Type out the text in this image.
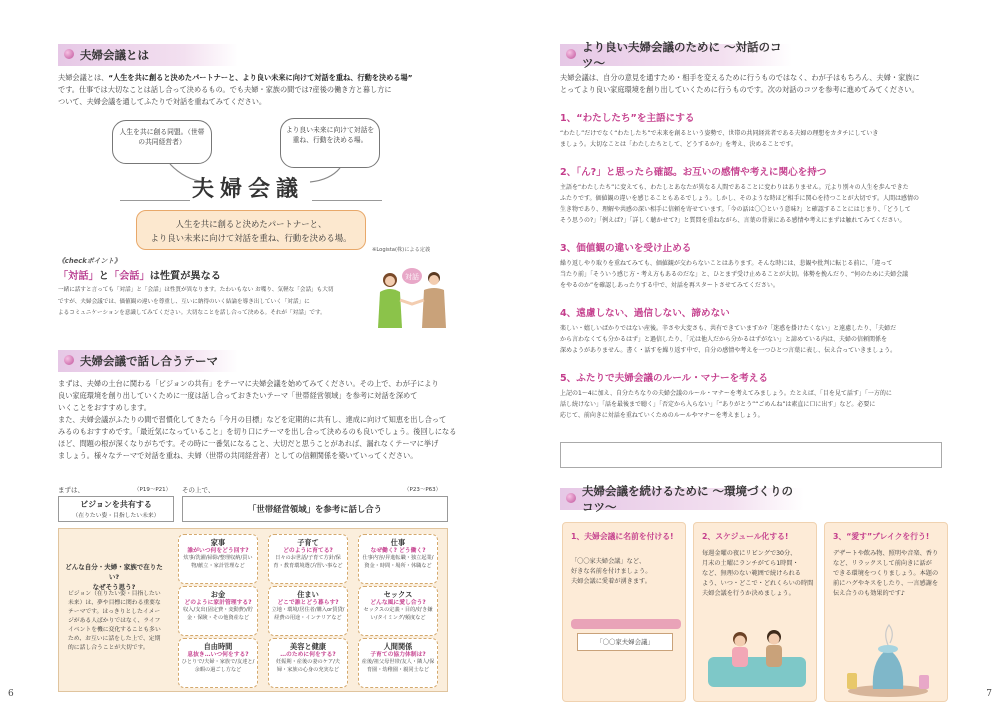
夫婦会議とは
夫婦会議とは、“人生を共に創ると決めたパートナーと、より良い未来に向けて対話を重ね、行動を決める場”
です。仕事では大切なことは話し合って決めるもの。でも夫婦・家族の間では?産後の働き方と暮し方に
ついて、夫婦会議を通してふたりで対話を重ねてみてください。
人生を共に創る同盟。（世帯の共同経営者）
より良い未来に向けて対話を重ね、行動を決める場。
夫婦会議
人生を共に創ると決めたパートナーと、
より良い未来に向けて対話を重ね、行動を決める場。
※Logista(株)による定義
《checkポイント》
「対話」と「会話」は性質が異なる
一緒に話すと言っても「対話」と「会話」は性質が異なります。たわいもない お喋り、気軽な「会話」も大切
ですが、夫婦会議では、価値観の違いを尊重し、互いに納得のいく結論を導き出していく「対話」に
よるコミュニケーションを意識してみてください。大切なことを話し合って決める。それが「対話」です。
対話
夫婦会議で話し合うテーマ
まずは、夫婦の土台に関わる「ビジョンの共有」をテーマに夫婦会議を始めてみてください。その上で、わが子により
良い家庭環境を創り出していくために一度は話し合っておきたいテーマ「世帯経営領域」を参考に対話を深めて
いくことをおすすめします。
また、夫婦会議がふたりの間で習慣化してきたら「今月の目標」などを定期的に共有し、達成に向けて知恵を出し合って
みるのもおすすめです。「最近気になっていること」を切り口にテーマを出し合って決めるのも良いでしょう。後回しになる
ほど、問題の根が深くなりがちです。その時に一番気になること、大切だと思うことがあれば、漏れなくテーマに挙げ
ましょう。様々なテーマで対話を重ね、夫婦（世帯の共同経営者）としての信頼関係を築いていってください。
まずは、	（P19〜P21）
ビジョンを共有する
（在りたい姿・目指したい未来）
その上で、	（P23〜P63）
「世帯経営領域」を参考に話し合う
どんな自分・夫婦・家族で在りたい?
なぜそう思う?
ビジョン（在りたい姿・目指したい未来）は、夢や目標に関わる重要なテーマです。はっきりとしたイメージがある人ばかりではなく、ライフイベントを機に変化することも多いため、お互いに話をした上で、定期的に話し合うことが大切です。
家事
誰がいつ何をどう回す?
炊事/洗濯/掃除/整理収納/買い物/献立・家計管理など
子育て
どのように育てる?
日々のお世話/子育て方針/保育・教育環境選び/習い事など
仕事
なぜ働く? どう働く?
仕事内容/昇進転職・独立起業/資金・時間・場所・休職など
お金
どのように家計管理する?
収入/支出(固定費・変動費)/貯金・保険・その他資産など
住まい
どこで誰とどう暮らす?
立地・環境/居住者/購入or賃貸/経費の用途・インテリアなど
セックス
どんな風に愛し合う?
セックスの定義・目的/好き嫌い/タイミング/頻度など
自由時間
息抜き…いつ何をする?
ひとりで/夫婦・家族で/友達と/余暇の過ごし方など
美容と健康
…のために何をする?
妊娠期・産後の妻のケア/夫婦・家族の心身の充実など
人間関係
子育ての協力体制は?
産後/祖父母世帯/友人・隣人/保育園・幼稚園・親同士など
6
より良い夫婦会議のために 〜対話のコツ〜
夫婦会議は、自分の意見を通すため・相手を変えるために行うものではなく、わが子はもちろん、夫婦・家族に
とってより良い家庭環境を創り出していくために行うものです。次の対話のコツを参考に進めてみてください。
1、“わたしたち”を主語にする
“わたし”だけでなく“わたしたち”で未来を創るという姿勢で、世帯の共同経営者である夫婦の理想をカタチにしていき
ましょう。大切なことは「わたしたちとして、どうするか?」を考え、決めることです。
2、「ん?」と思ったら確認。お互いの感情や考えに関心を持つ
主語を“わたしたち”に変えても、わたしとあなたが異なる人間であることに変わりはありません。元より別々の人生を歩んできた
ふたりです。価値観の違いを感じることもあるでしょう。しかし、そのような時ほど相手に関心を持つことが大切です。人間は感情の
生き物であり、理解や共感の深い相手に信頼を寄せています。「今の話は〇〇という意味?」と確認することにはじまり、「どうして
そう思うの?」「例えば?」「詳しく聴かせて?」と質問を重ねながら、言葉の背景にある感情や考えにまずは触れてみてください。
3、価値観の違いを受け止める
繰り返しやり取りを重ねてみても、価値観が交わらないことはあります。そんな時には、悲観や批判に転じる前に、「違って
当たり前」「そういう感じ方・考え方もあるのだな」と、ひとまず受け止めることが大切。体勢を挽んだり、“何のために夫婦会議
をやるのか”を確認しあったりする中で、対話を再スタートさせてみてください。
4、遠慮しない、過信しない、諦めない
楽しい・嬉しいばかりではない産後。辛さや大変さも、共有できていますか?「迷惑を掛けたくない」と遠慮したり、「夫婦だ
から言わなくても分かるはず」と過信したり、「元は他人だから分かるはずがない」と諦めている内は、夫婦の信頼関係を
深めようがありません。書く・話すを繰り返す中で、自分の感情や考えを一つひとつ言葉に表し、伝え合っていきましょう。
5、ふたりで夫婦会議のルール・マナーを考える
上記の1〜4に加え、自分たちなりの夫婦会議のルール・マナーを考えてみましょう。たとえば、「目を見て話す」「一方的に
話し続けない」「話を最後まで聴く」「否定から入らない」「“ありがとう”“ごめんね”は素直に口に出す」など。必要に
応じて、前向きに対話を重ねていくためのルールやマナーを考えましょう。
夫婦会議を続けるために 〜環境づくりのコツ〜
1、夫婦会議に名前を付ける!
「〇〇家夫婦会議」など、
好きな名前を付けましょう。
夫婦会議に愛着が湧きます。
「〇〇家夫婦会議」
2、スケジュール化する!
毎週金曜の夜にリビングで30分、
月末の土曜にランチがてら1時間・
など、無理のない範囲で続けられる
よう、いつ・どこで・どれくらいの時間
夫婦会議を行うか決めましょう。
3、“愛す”ブレイクを行う!
デザートや飲み物、照明や音楽、香り
など、リラックスして前向きに話が
できる環境をつくりましょう。本題の
前にハグやキスをしたり、一言感謝を
伝え合うのも効果的です♪
7
